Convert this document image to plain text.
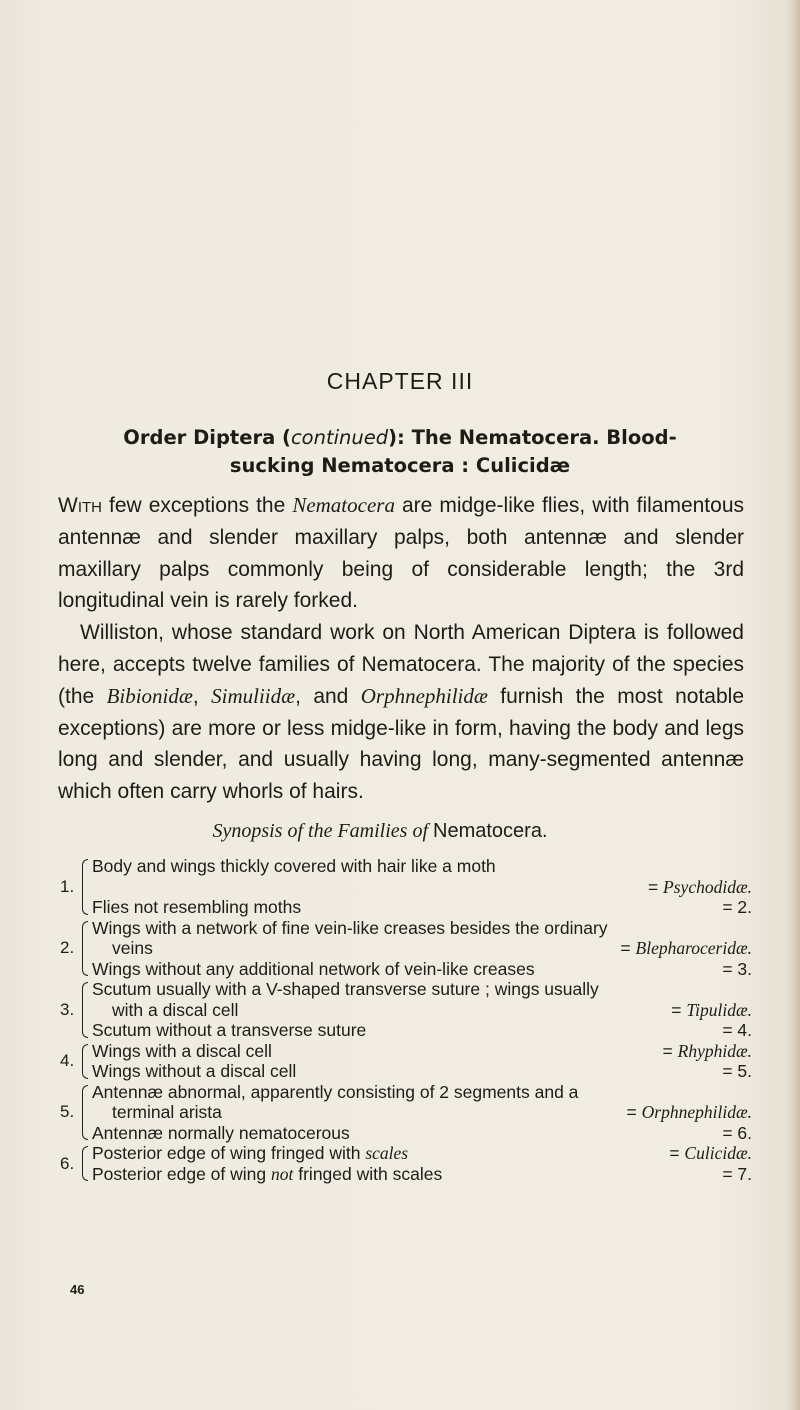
CHAPTER III
Order Diptera (continued): The Nematocera. Blood-
sucking Nematocera : Culicidæ

With few exceptions the Nematocera are midge-like flies, with filamentous antennæ and slender maxillary palps, both antennæ and slender maxillary palps commonly being of considerable length; the 3rd longitudinal vein is rarely forked.

Williston, whose standard work on North American Diptera is followed here, accepts twelve families of Nematocera. The majority of the species (the Bibionidæ, Simuliidæ, and Orphnephilidæ furnish the most notable exceptions) are more or less midge-like in form, having the body and legs long and slender, and usually having long, many-segmented antennæ which often carry whorls of hairs.

Synopsis of the Families of Nematocera.
1.
Body and wings thickly covered with hair like a moth
= Psychodidæ.
Flies not resembling moths	= 2.
2.
Wings with a network of fine vein-like creases besides the ordinary
veins	= Blepharoceridæ.
Wings without any additional network of vein-like creases	= 3.
3.
Scutum usually with a V-shaped transverse suture ; wings usually
with a discal cell	= Tipulidæ.
Scutum without a transverse suture	= 4.
4. Wings with a discal cell	= Rhyphidæ.
Wings without a discal cell	= 5.
5.
Antennæ abnormal, apparently consisting of 2 segments and a
terminal arista	= Orphnephilidæ.
Antennæ normally nematocerous	= 6.
6. Posterior edge of wing fringed with scales	= Culicidæ.
Posterior edge of wing not fringed with scales	= 7.
46
